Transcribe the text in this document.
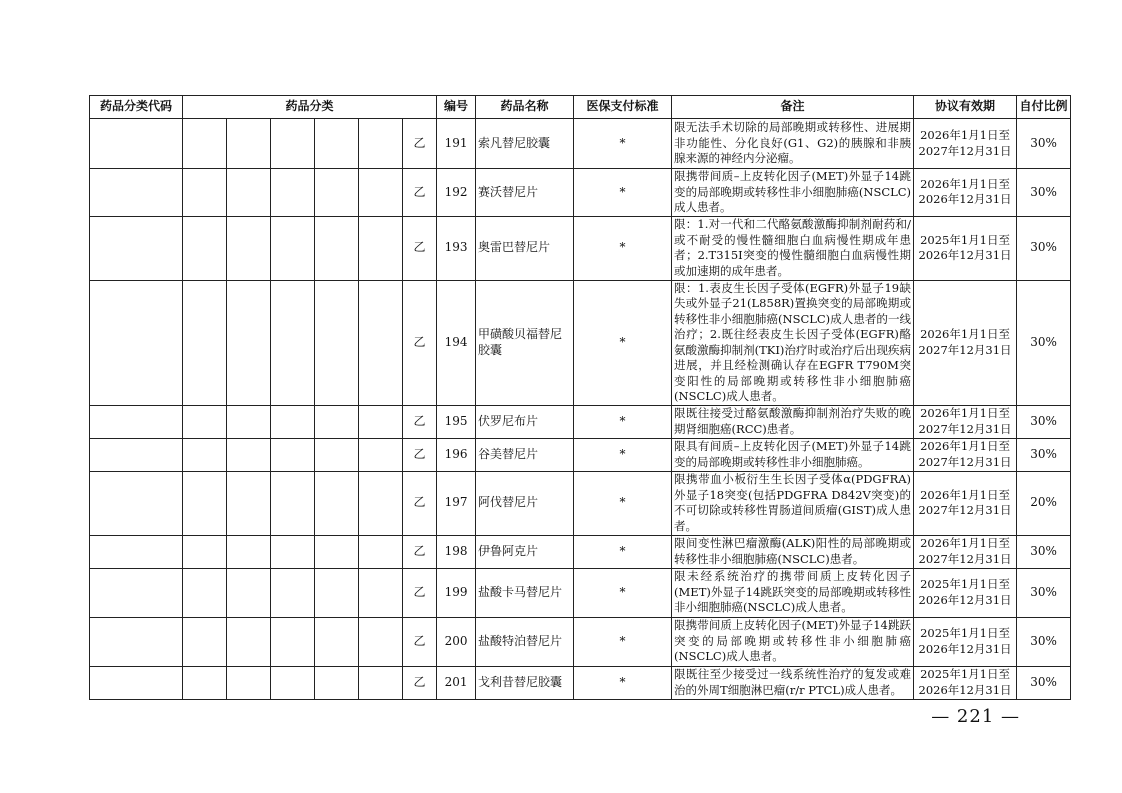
药品分类代码	药品分类						编号	药品名称	医保支付标准	备注	协议有效期	自付比例
						乙	191	索凡替尼胶囊	*	限无法手术切除的局部晚期或转移性、进展期非功能性、分化良好(G1、G2)的胰腺和非胰腺来源的神经内分泌瘤。	2026年1月1日至
2027年12月31日	30%
						乙	192	赛沃替尼片	*	限携带间质–上皮转化因子(MET)外显子14跳变的局部晚期或转移性非小细胞肺癌(NSCLC)成人患者。	2026年1月1日至
2026年12月31日	30%
						乙	193	奥雷巴替尼片	*	限：1.对一代和二代酪氨酸激酶抑制剂耐药和/或不耐受的慢性髓细胞白血病慢性期成年患者；2.T315I突变的慢性髓细胞白血病慢性期或加速期的成年患者。	2025年1月1日至
2026年12月31日	30%
						乙	194	甲磺酸贝福替尼胶囊	*	限：1.表皮生长因子受体(EGFR)外显子19缺失或外显子21(L858R)置换突变的局部晚期或转移性非小细胞肺癌(NSCLC)成人患者的一线治疗；2.既往经表皮生长因子受体(EGFR)酪氨酸激酶抑制剂(TKI)治疗时或治疗后出现疾病进展，并且经检测确认存在EGFR T790M突变阳性的局部晚期或转移性非小细胞肺癌(NSCLC)成人患者。	2026年1月1日至
2027年12月31日	30%
						乙	195	伏罗尼布片	*	限既往接受过酪氨酸激酶抑制剂治疗失败的晚期肾细胞癌(RCC)患者。	2026年1月1日至
2027年12月31日	30%
						乙	196	谷美替尼片	*	限具有间质–上皮转化因子(MET)外显子14跳变的局部晚期或转移性非小细胞肺癌。	2026年1月1日至
2027年12月31日	30%
						乙	197	阿伐替尼片	*	限携带血小板衍生生长因子受体α(PDGFRA)外显子18突变(包括PDGFRA D842V突变)的不可切除或转移性胃肠道间质瘤(GIST)成人患者。	2026年1月1日至
2027年12月31日	20%
						乙	198	伊鲁阿克片	*	限间变性淋巴瘤激酶(ALK)阳性的局部晚期或转移性非小细胞肺癌(NSCLC)患者。	2026年1月1日至
2027年12月31日	30%
						乙	199	盐酸卡马替尼片	*	限未经系统治疗的携带间质上皮转化因子(MET)外显子14跳跃突变的局部晚期或转移性非小细胞肺癌(NSCLC)成人患者。	2025年1月1日至
2026年12月31日	30%
						乙	200	盐酸特泊替尼片	*	限携带间质上皮转化因子(MET)外显子14跳跃突变的局部晚期或转移性非小细胞肺癌(NSCLC)成人患者。	2025年1月1日至
2026年12月31日	30%
						乙	201	戈利昔替尼胶囊	*	限既往至少接受过一线系统性治疗的复发或难治的外周T细胞淋巴瘤(r/r PTCL)成人患者。	2025年1月1日至
2026年12月31日	30%
— 221 —
